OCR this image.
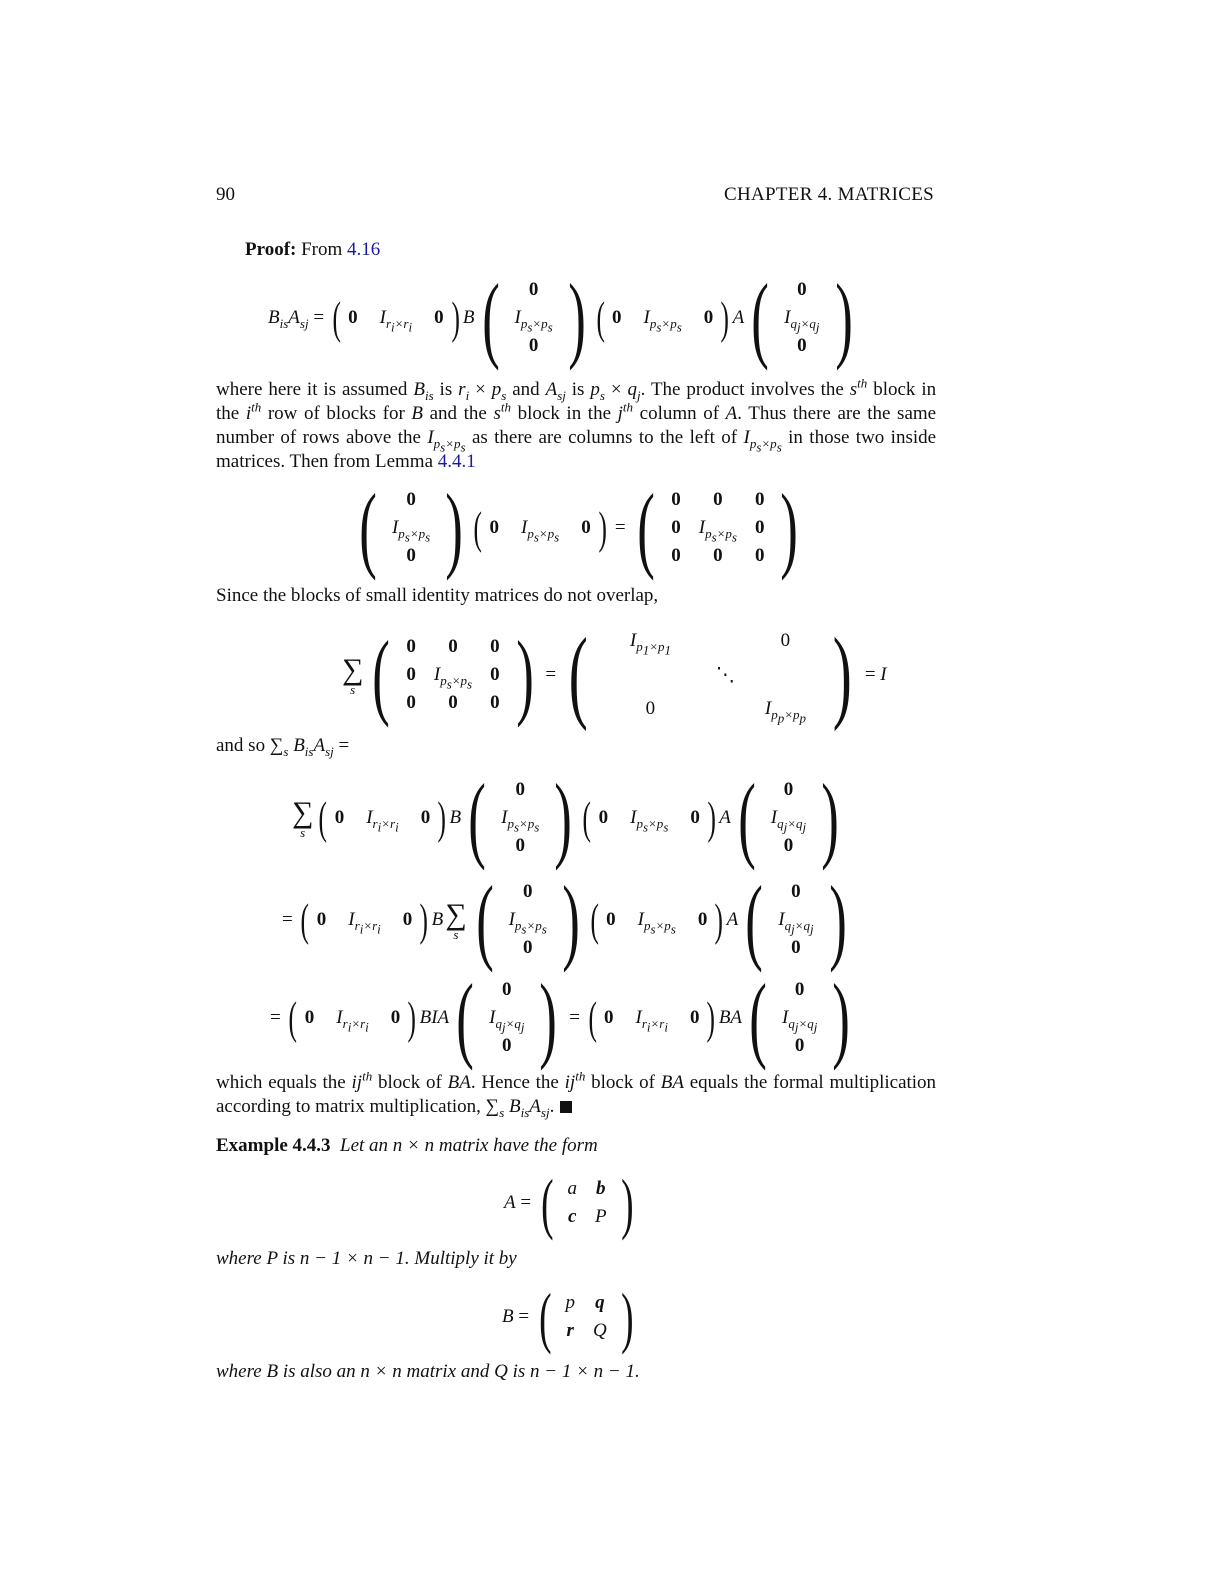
90	CHAPTER 4. MATRICES

Proof: From 4.16

$B_{is}A_{sj}$ = ( 0 $I_{r_i\times r_i}$ 0 ) B ( 0
$I_{p_s\times p_s}$
0 ) ( 0 $I_{p_s\times p_s}$ 0 ) A ( 0
$I_{q_j\times q_j}$
0 )

where here it is assumed $B_{is}$ is $r_i \times p_s$ and $A_{sj}$ is $p_s \times q_j$. The product involves the $s^{th}$ block in the $i^{th}$ row of blocks for B and the $s^{th}$ block in the $j^{th}$ column of A. Thus there are the same number of rows above the $I_{p_s\times p_s}$ as there are columns to the left of $I_{p_s\times p_s}$ in those two inside matrices. Then from Lemma 4.4.1

( 0
$I_{p_s\times p_s}$
0 ) ( 0 $I_{p_s\times p_s}$ 0 ) = ( 0	0	0
0 $I_{p_s\times p_s}$ 0
0	0	0 )

Since the blocks of small identity matrices do not overlap,

∑
s ( 0	0	0
0 $I_{p_s\times p_s}$ 0
0	0	0 ) = (	$I_{p_1\times p_1}$	0
⋱
0	$I_{p_p\times p_p}$ ) = I

and so $\sum_s$ $B_{is}A_{sj}$ =

∑
s ( 0 $I_{r_i\times r_i}$ 0 ) B ( 0
$I_{p_s\times p_s}$
0 ) ( 0 $I_{p_s\times p_s}$ 0 ) A ( 0
$I_{q_j\times q_j}$
0 )
= ( 0 $I_{r_i\times r_i}$ 0 ) B ∑
s ( 0
$I_{p_s\times p_s}$
0 ) ( 0 $I_{p_s\times p_s}$ 0 ) A ( 0
$I_{q_j\times q_j}$
0 )
= ( 0 $I_{r_i\times r_i}$ 0 ) BIA ( 0
$I_{q_j\times q_j}$
0 ) = ( 0 $I_{r_i\times r_i}$ 0 ) BA ( 0
$I_{q_j\times q_j}$
0 )

which equals the $ij^{th}$ block of BA. Hence the $ij^{th}$ block of BA equals the formal multiplication according to matrix multiplication, $\sum_s$ $B_{is}A_{sj}$.

Example 4.4.3 Let an n × n matrix have the form

A = ( a	b
c P )

where P is n − 1 × n − 1. Multiply it by

B = ( p	q
r	Q )

where B is also an n × n matrix and Q is n − 1 × n − 1.
